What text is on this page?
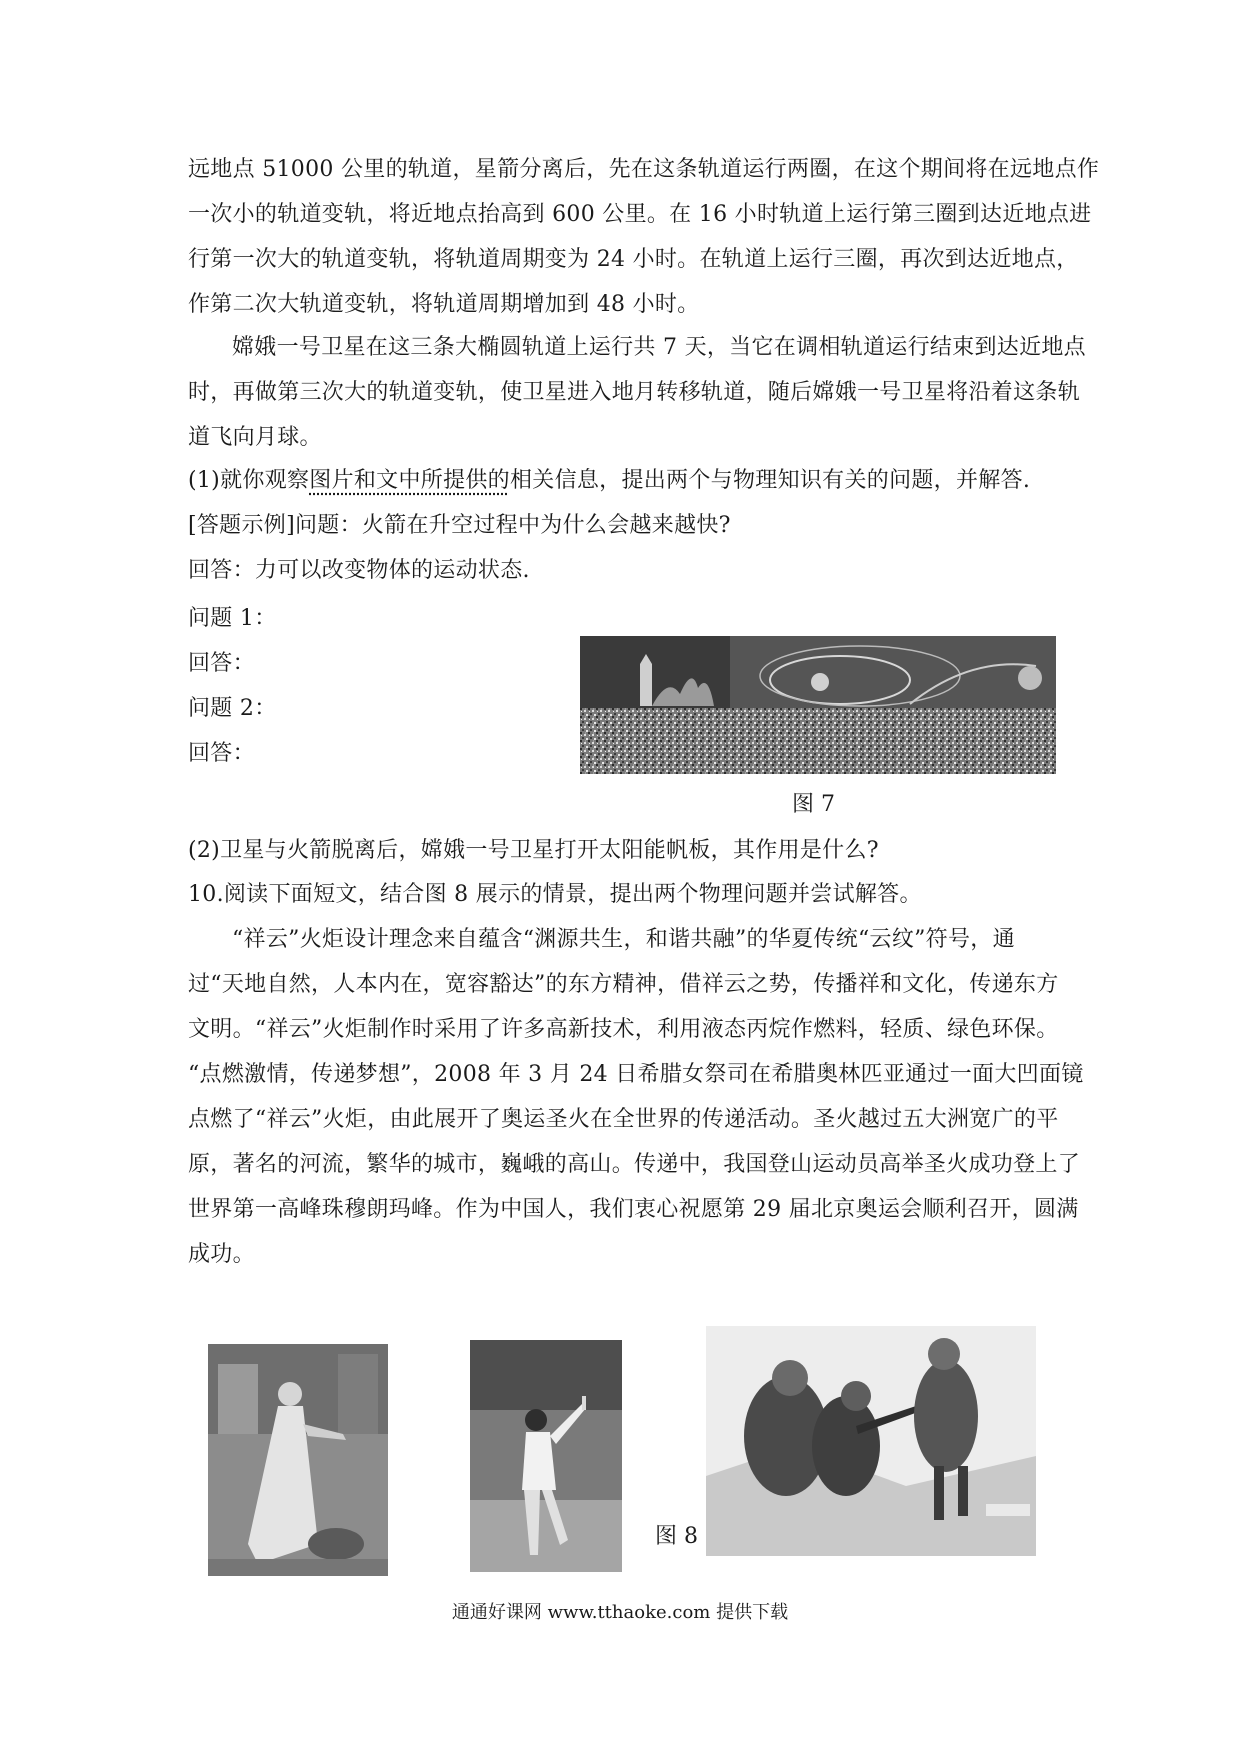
远地点 51000 公里的轨道，星箭分离后，先在这条轨道运行两圈，在这个期间将在远地点作
一次小的轨道变轨，将近地点抬高到 600 公里。在 16 小时轨道上运行第三圈到达近地点进
行第一次大的轨道变轨，将轨道周期变为 24 小时。在轨道上运行三圈，再次到达近地点，
作第二次大轨道变轨，将轨道周期增加到 48 小时。
嫦娥一号卫星在这三条大椭圆轨道上运行共 7 天，当它在调相轨道运行结束到达近地点
时，再做第三次大的轨道变轨，使卫星进入地月转移轨道，随后嫦娥一号卫星将沿着这条轨
道飞向月球。
(1)就你观察图片和文中所提供的相关信息，提出两个与物理知识有关的问题，并解答.
[答题示例]问题：火箭在升空过程中为什么会越来越快?
回答：力可以改变物体的运动状态.
问题 1：
回答：
问题 2：
回答：
图 7
(2)卫星与火箭脱离后，嫦娥一号卫星打开太阳能帆板，其作用是什么?
10.阅读下面短文，结合图 8 展示的情景，提出两个物理问题并尝试解答。
“祥云”火炬设计理念来自蕴含“渊源共生，和谐共融”的华夏传统“云纹”符号，通
过“天地自然，人本内在，宽容豁达”的东方精神，借祥云之势，传播祥和文化，传递东方
文明。“祥云”火炬制作时采用了许多高新技术，利用液态丙烷作燃料，轻质、绿色环保。
“点燃激情，传递梦想”，2008 年 3 月 24 日希腊女祭司在希腊奥林匹亚通过一面大凹面镜
点燃了“祥云”火炬，由此展开了奥运圣火在全世界的传递活动。圣火越过五大洲宽广的平
原，著名的河流，繁华的城市，巍峨的高山。传递中，我国登山运动员高举圣火成功登上了
世界第一高峰珠穆朗玛峰。作为中国人，我们衷心祝愿第 29 届北京奥运会顺利召开，圆满
成功。
图 8
通通好课网 www.tthaoke.com 提供下载
